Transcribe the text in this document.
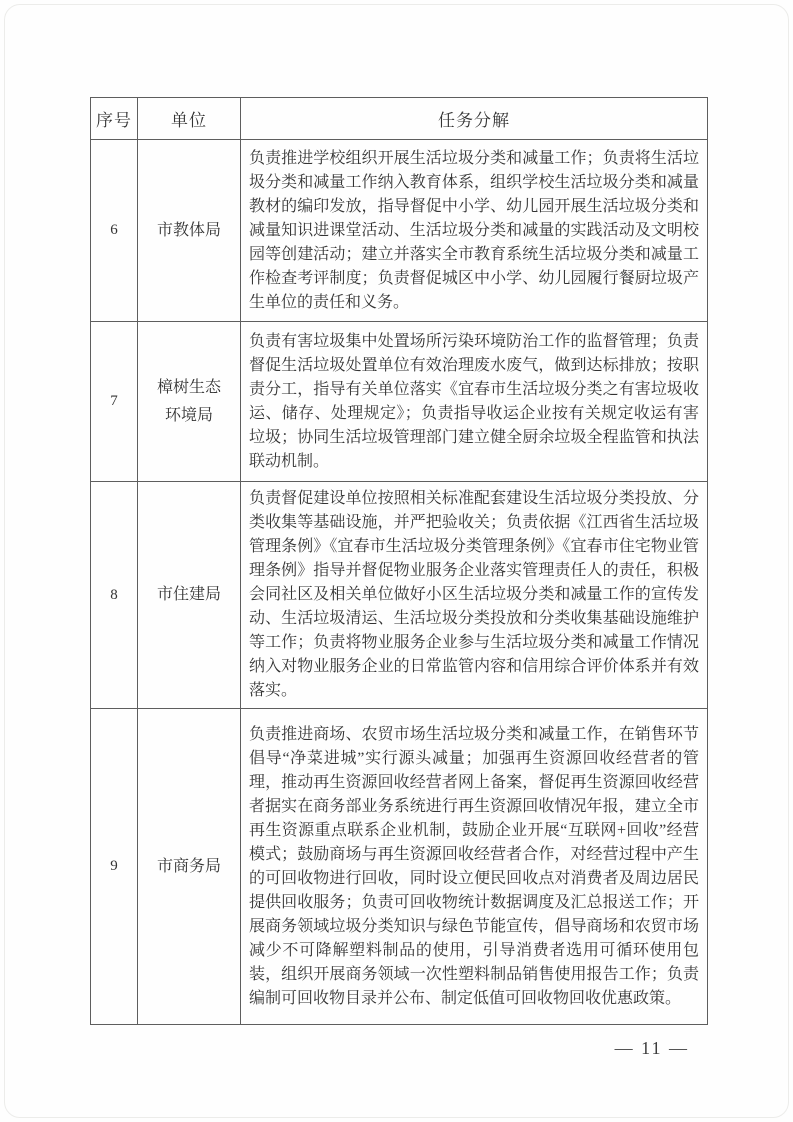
序号	单位	任务分解
6	市教体局	负责推进学校组织开展生活垃圾分类和减量工作；负责将生活垃圾分类和减量工作纳入教育体系，组织学校生活垃圾分类和减量教材的编印发放，指导督促中小学、幼儿园开展生活垃圾分类和减量知识进课堂活动、生活垃圾分类和减量的实践活动及文明校园等创建活动；建立并落实全市教育系统生活垃圾分类和减量工作检查考评制度；负责督促城区中小学、幼儿园履行餐厨垃圾产生单位的责任和义务。
7	樟树生态环境局	负责有害垃圾集中处置场所污染环境防治工作的监督管理；负责督促生活垃圾处置单位有效治理废水废气，做到达标排放；按职责分工，指导有关单位落实《宜春市生活垃圾分类之有害垃圾收运、储存、处理规定》；负责指导收运企业按有关规定收运有害垃圾；协同生活垃圾管理部门建立健全厨余垃圾全程监管和执法联动机制。
8	市住建局	负责督促建设单位按照相关标准配套建设生活垃圾分类投放、分类收集等基础设施，并严把验收关；负责依据《江西省生活垃圾管理条例》《宜春市生活垃圾分类管理条例》《宜春市住宅物业管理条例》指导并督促物业服务企业落实管理责任人的责任，积极会同社区及相关单位做好小区生活垃圾分类和减量工作的宣传发动、生活垃圾清运、生活垃圾分类投放和分类收集基础设施维护等工作；负责将物业服务企业参与生活垃圾分类和减量工作情况纳入对物业服务企业的日常监管内容和信用综合评价体系并有效落实。
9	市商务局	负责推进商场、农贸市场生活垃圾分类和减量工作，在销售环节倡导“净菜进城”实行源头减量；加强再生资源回收经营者的管理，推动再生资源回收经营者网上备案，督促再生资源回收经营者据实在商务部业务系统进行再生资源回收情况年报，建立全市再生资源重点联系企业机制，鼓励企业开展“互联网+回收”经营模式；鼓励商场与再生资源回收经营者合作，对经营过程中产生的可回收物进行回收，同时设立便民回收点对消费者及周边居民提供回收服务；负责可回收物统计数据调度及汇总报送工作；开展商务领域垃圾分类知识与绿色节能宣传，倡导商场和农贸市场减少不可降解塑料制品的使用，引导消费者选用可循环使用包装，组织开展商务领域一次性塑料制品销售使用报告工作；负责编制可回收物目录并公布、制定低值可回收物回收优惠政策。
— 11 —
